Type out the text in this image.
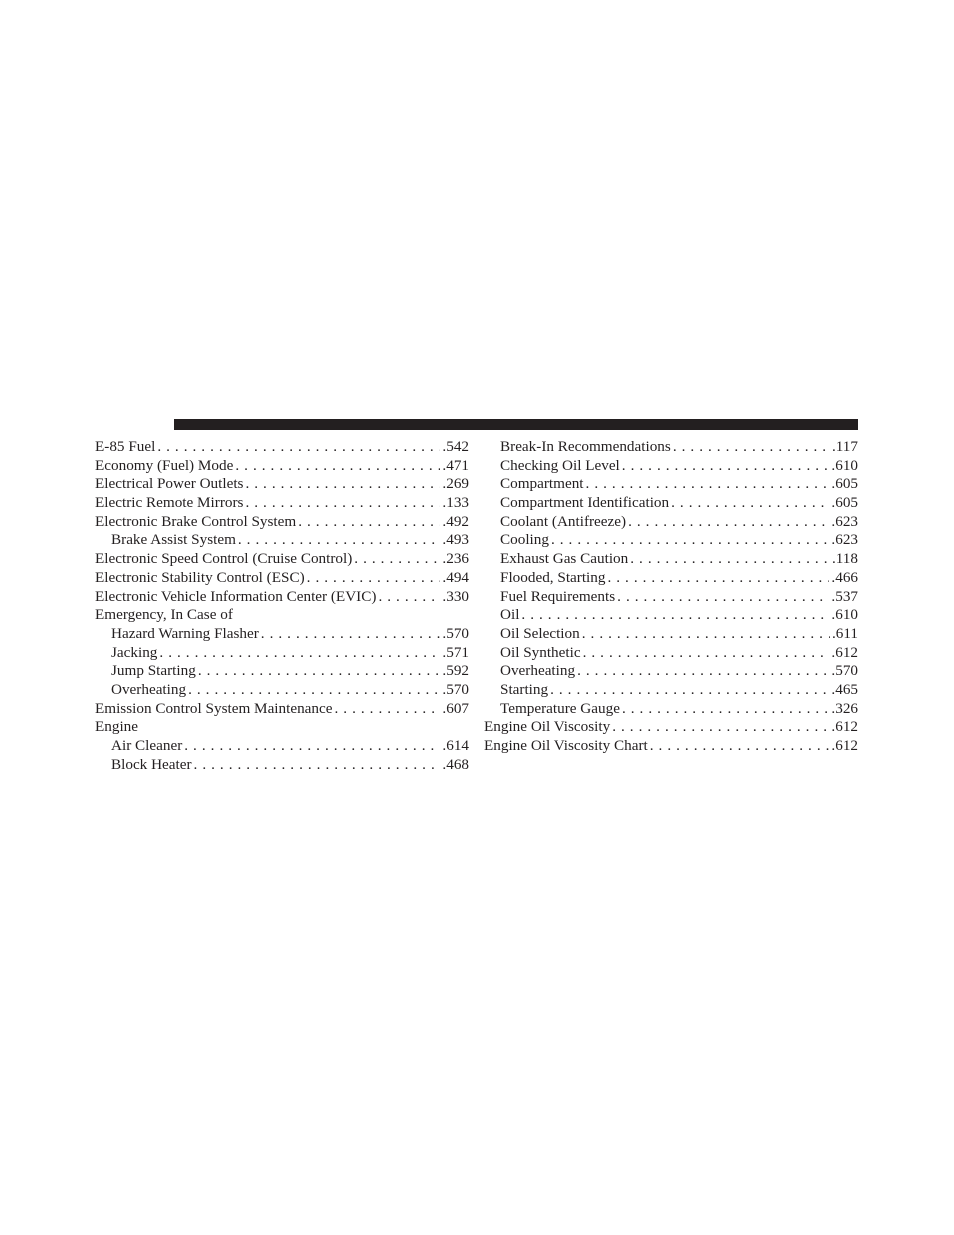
E-85 Fuel . . .	.542
Economy (Fuel) Mode . . .	.471
Electrical Power Outlets . . .	.269
Electric Remote Mirrors . . .	.133
Electronic Brake Control System . . .	.492
Brake Assist System . . .	.493
Electronic Speed Control (Cruise Control) . . .	.236
Electronic Stability Control (ESC) . . .	.494
Electronic Vehicle Information Center (EVIC) . . .	.330
Emergency, In Case of
Hazard Warning Flasher . . .	.570
Jacking . . .	.571
Jump Starting . . .	.592
Overheating . . .	.570
Emission Control System Maintenance . . .	.607
Engine
Air Cleaner . . .	.614
Block Heater . . .	.468
Break-In Recommendations . . .	.117
Checking Oil Level . . .	.610
Compartment . . .	.605
Compartment Identification . . .	.605
Coolant (Antifreeze) . . .	.623
Cooling . . .	.623
Exhaust Gas Caution . . .	.118
Flooded, Starting . . .	.466
Fuel Requirements . . .	.537
Oil . . .	.610
Oil Selection . . .	.611
Oil Synthetic . . .	.612
Overheating . . .	.570
Starting . . .	.465
Temperature Gauge . . .	.326
Engine Oil Viscosity . . .	.612
Engine Oil Viscosity Chart . . .	.612
